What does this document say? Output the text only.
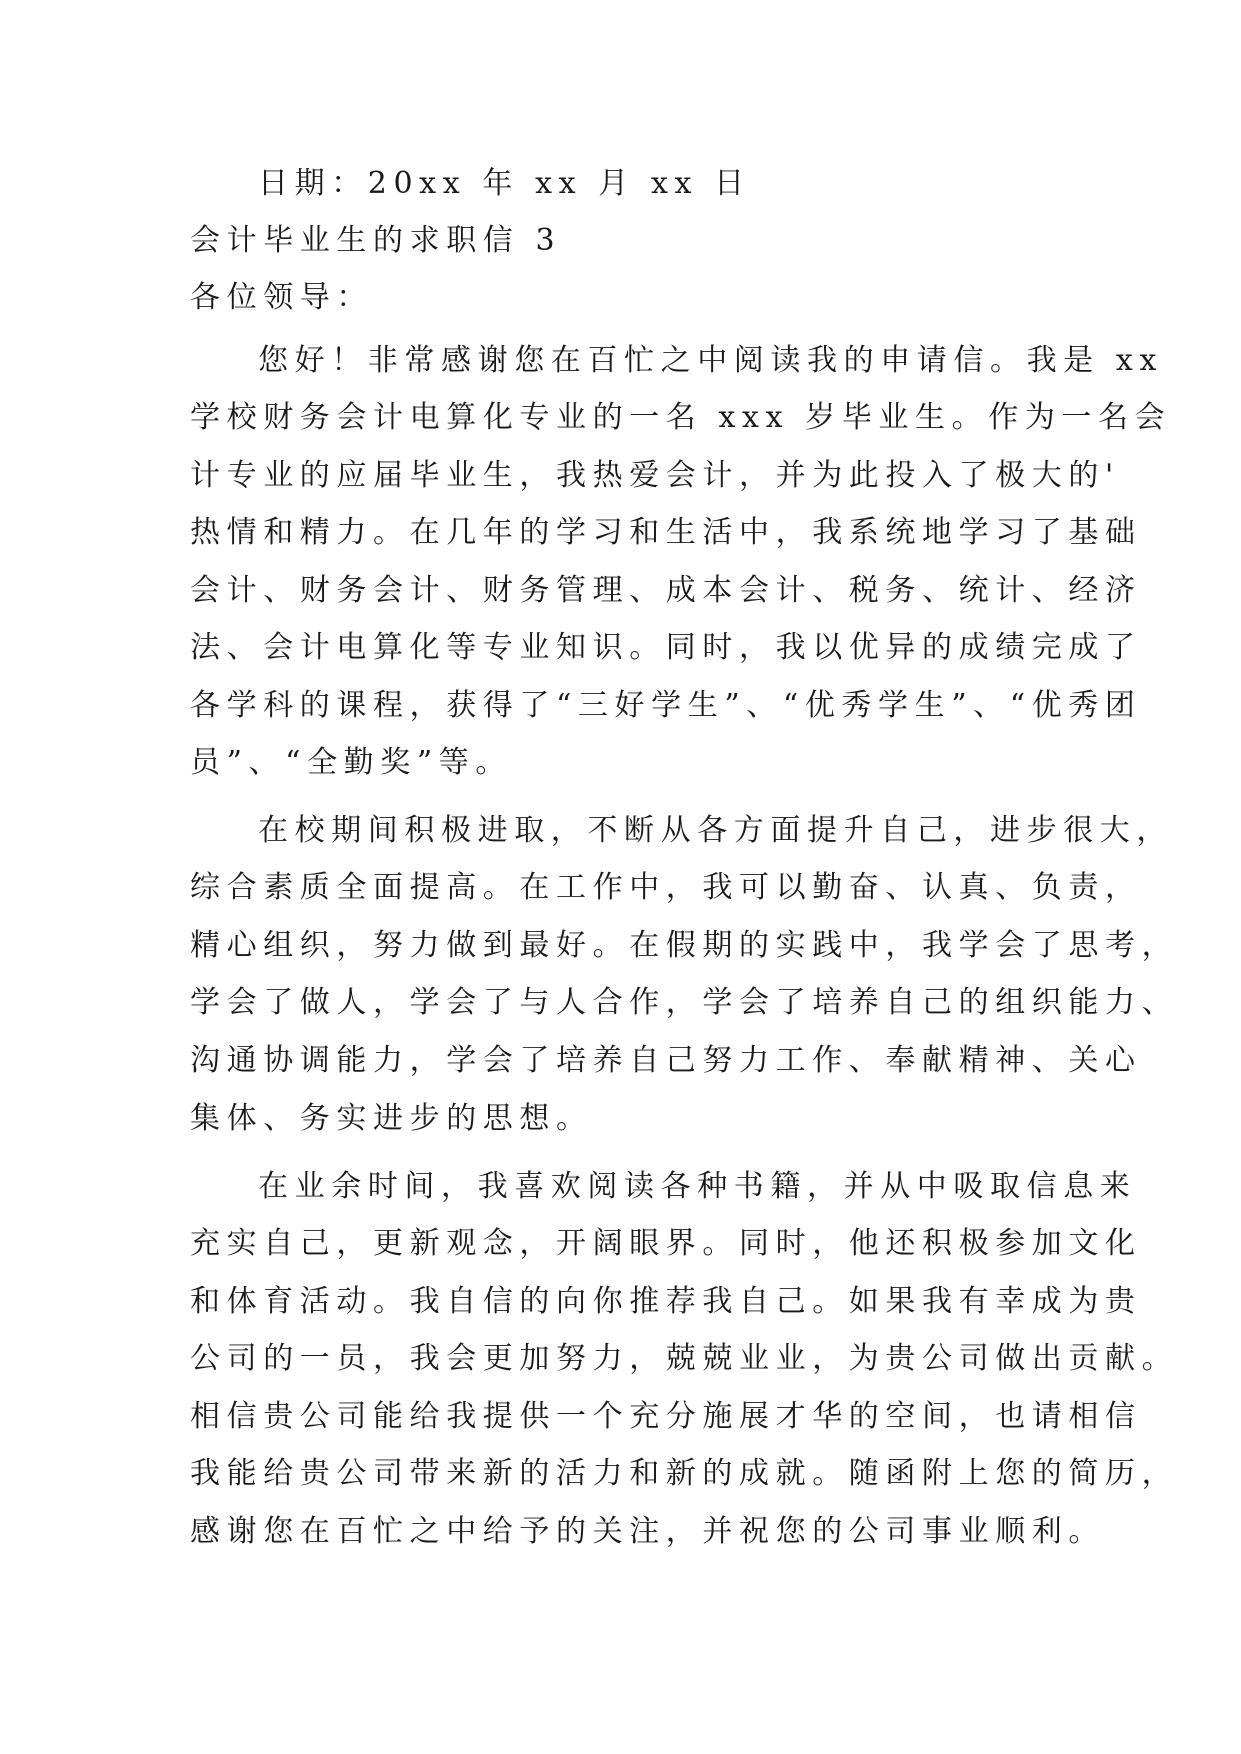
日期：20xx 年 xx 月 xx 日
会计毕业生的求职信 3
各位领导：
您好！非常感谢您在百忙之中阅读我的申请信。我是 xx
学校财务会计电算化专业的一名 xxx 岁毕业生。作为一名会
计专业的应届毕业生，我热爱会计，并为此投入了极大的'
热情和精力。在几年的学习和生活中，我系统地学习了基础
会计、财务会计、财务管理、成本会计、税务、统计、经济
法、会计电算化等专业知识。同时，我以优异的成绩完成了
各学科的课程，获得了“三好学生”、“优秀学生”、“优秀团
员”、“全勤奖”等。
在校期间积极进取，不断从各方面提升自己，进步很大，
综合素质全面提高。在工作中，我可以勤奋、认真、负责，
精心组织，努力做到最好。在假期的实践中，我学会了思考，
学会了做人，学会了与人合作，学会了培养自己的组织能力、
沟通协调能力，学会了培养自己努力工作、奉献精神、关心
集体、务实进步的思想。
在业余时间，我喜欢阅读各种书籍，并从中吸取信息来
充实自己，更新观念，开阔眼界。同时，他还积极参加文化
和体育活动。我自信的向你推荐我自己。如果我有幸成为贵
公司的一员，我会更加努力，兢兢业业，为贵公司做出贡献。
相信贵公司能给我提供一个充分施展才华的空间，也请相信
我能给贵公司带来新的活力和新的成就。随函附上您的简历，
感谢您在百忙之中给予的关注，并祝您的公司事业顺利。
